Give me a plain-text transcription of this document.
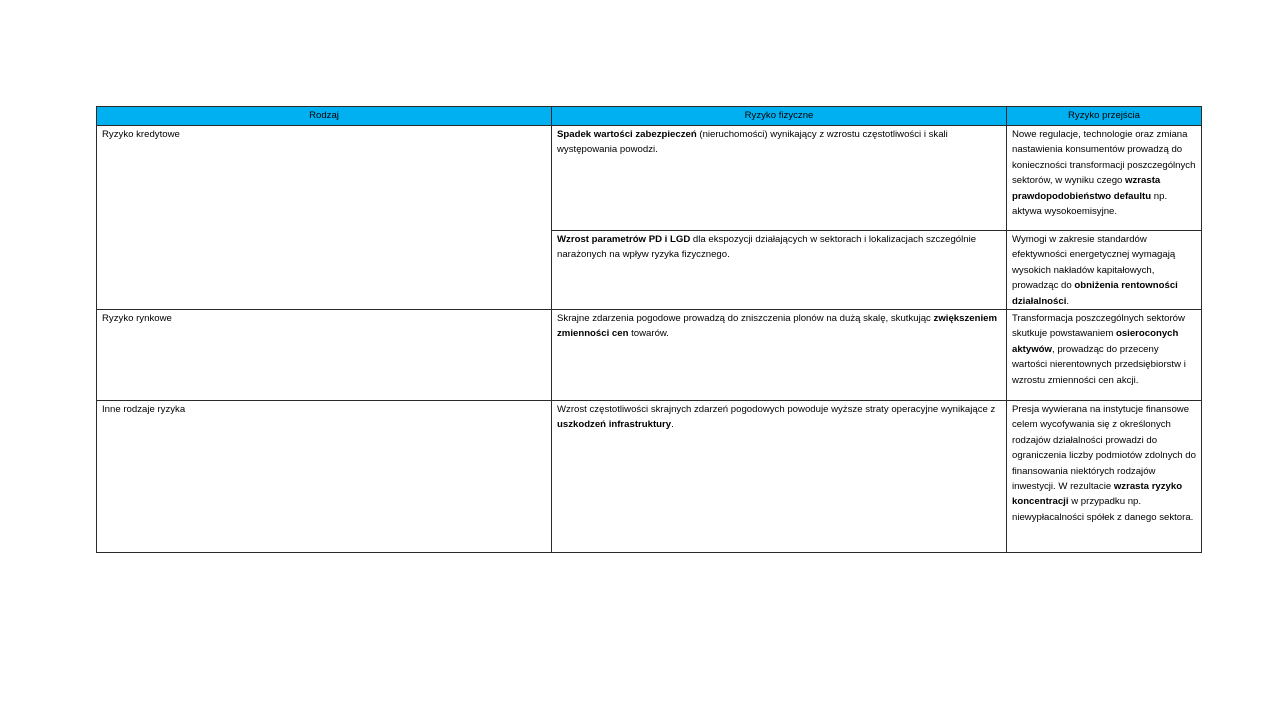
Rodzaj	Ryzyko fizyczne	Ryzyko przejścia
Ryzyko kredytowe	Spadek wartości zabezpieczeń (nieruchomości) wynikający z wzrostu częstotliwości i skali występowania powodzi.	Nowe regulacje, technologie oraz zmiana nastawienia konsumentów prowadzą do konieczności transformacji poszczególnych sektorów, w wyniku czego wzrasta prawdopodobieństwo defaultu np. aktywa wysokoemisyjne.
	Wzrost parametrów PD i LGD dla ekspozycji działających w sektorach i lokalizacjach szczególnie narażonych na wpływ ryzyka fizycznego.	Wymogi w zakresie standardów efektywności energetycznej wymagają wysokich nakładów kapitałowych, prowadząc do obniżenia rentowności działalności.
Ryzyko rynkowe	Skrajne zdarzenia pogodowe prowadzą do zniszczenia plonów na dużą skalę, skutkując zwiększeniem zmienności cen towarów.	Transformacja poszczególnych sektorów skutkuje powstawaniem osieroconych aktywów, prowadząc do przeceny wartości nierentownych przedsiębiorstw i wzrostu zmienności cen akcji.
Inne rodzaje ryzyka	Wzrost częstotliwości skrajnych zdarzeń pogodowych powoduje wyższe straty operacyjne wynikające z uszkodzeń infrastruktury.	Presja wywierana na instytucje finansowe celem wycofywania się z określonych rodzajów działalności prowadzi do ograniczenia liczby podmiotów zdolnych do finansowania niektórych rodzajów inwestycji. W rezultacie wzrasta ryzyko koncentracji w przypadku np. niewypłacalności spółek z danego sektora.
